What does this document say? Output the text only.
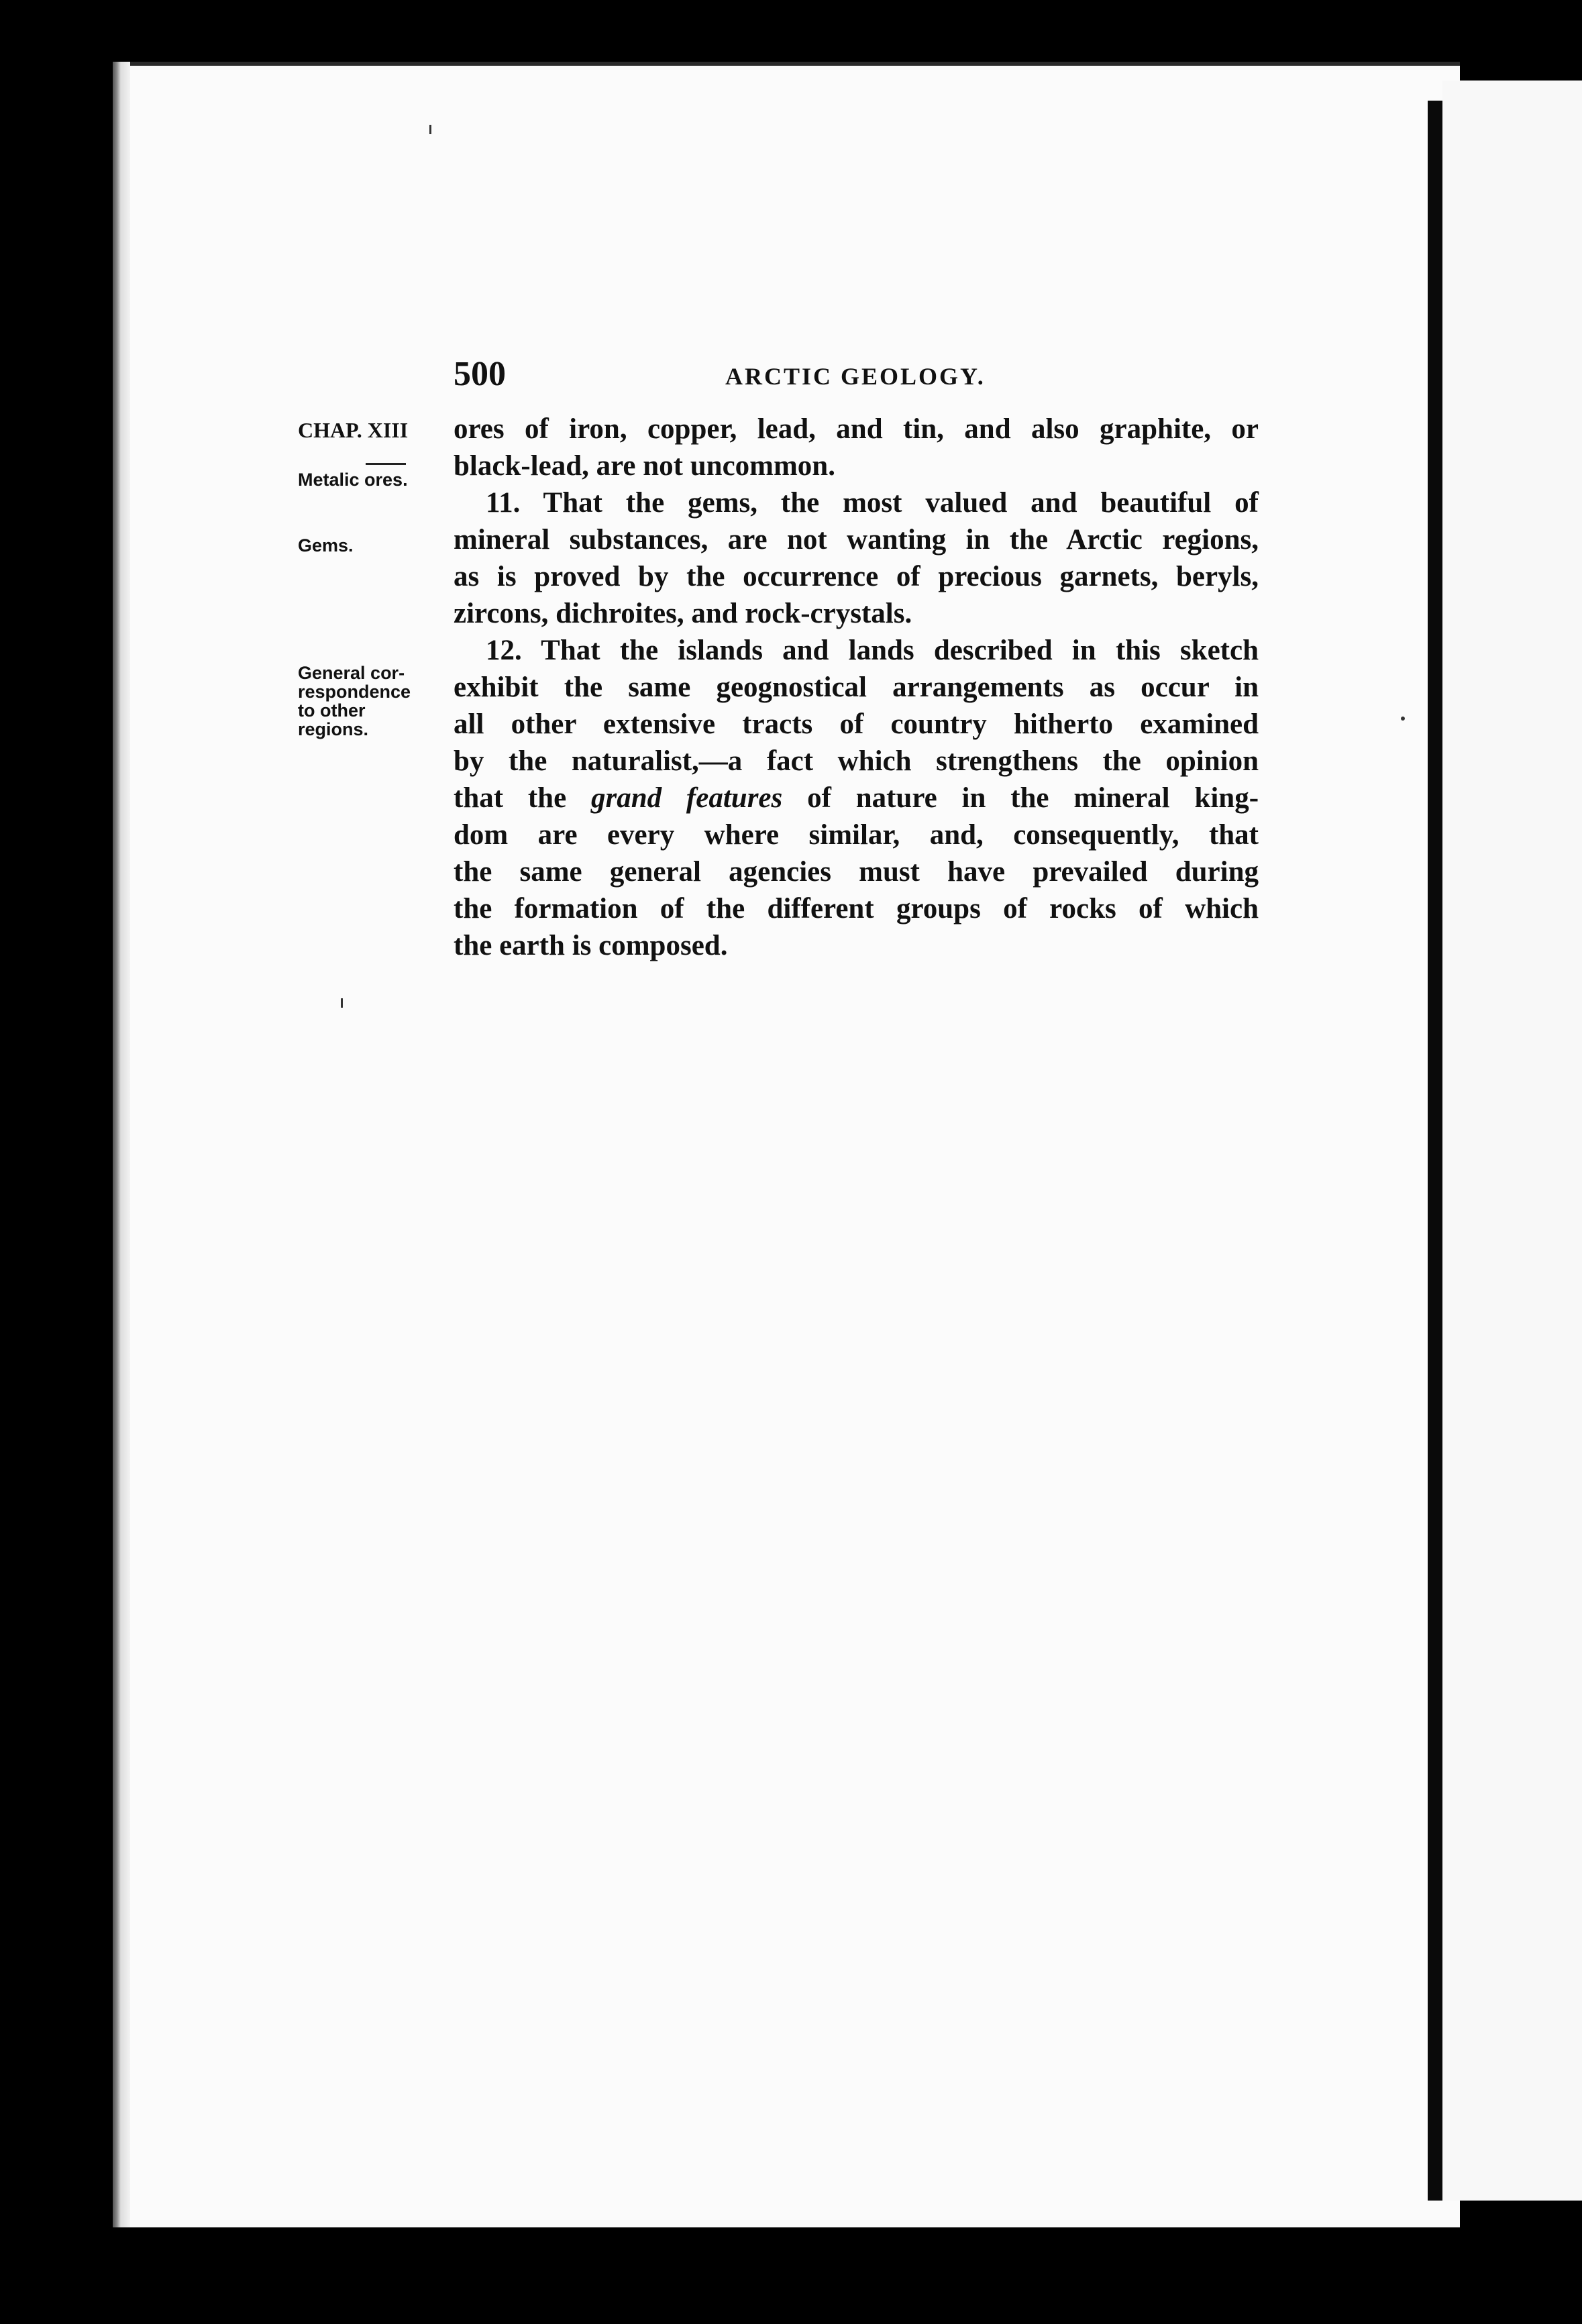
500	ARCTIC GEOLOGY.
CHAP. XIII
Metalic ores.
Gems.
General cor-
respondence
to other
regions.
ores of iron, copper, lead, and tin, and also graphite, or
black-lead, are not uncommon.
11. That the gems, the most valued and beautiful of
mineral substances, are not wanting in the Arctic regions,
as is proved by the occurrence of precious garnets, beryls,
zircons, dichroites, and rock-crystals.
12. That the islands and lands described in this sketch
exhibit the same geognostical arrangements as occur in
all other extensive tracts of country hitherto examined
by the naturalist,—a fact which strengthens the opinion
that the grand features of nature in the mineral king-
dom are every where similar, and, consequently, that
the same general agencies must have prevailed during
the formation of the different groups of rocks of which
the earth is composed.
